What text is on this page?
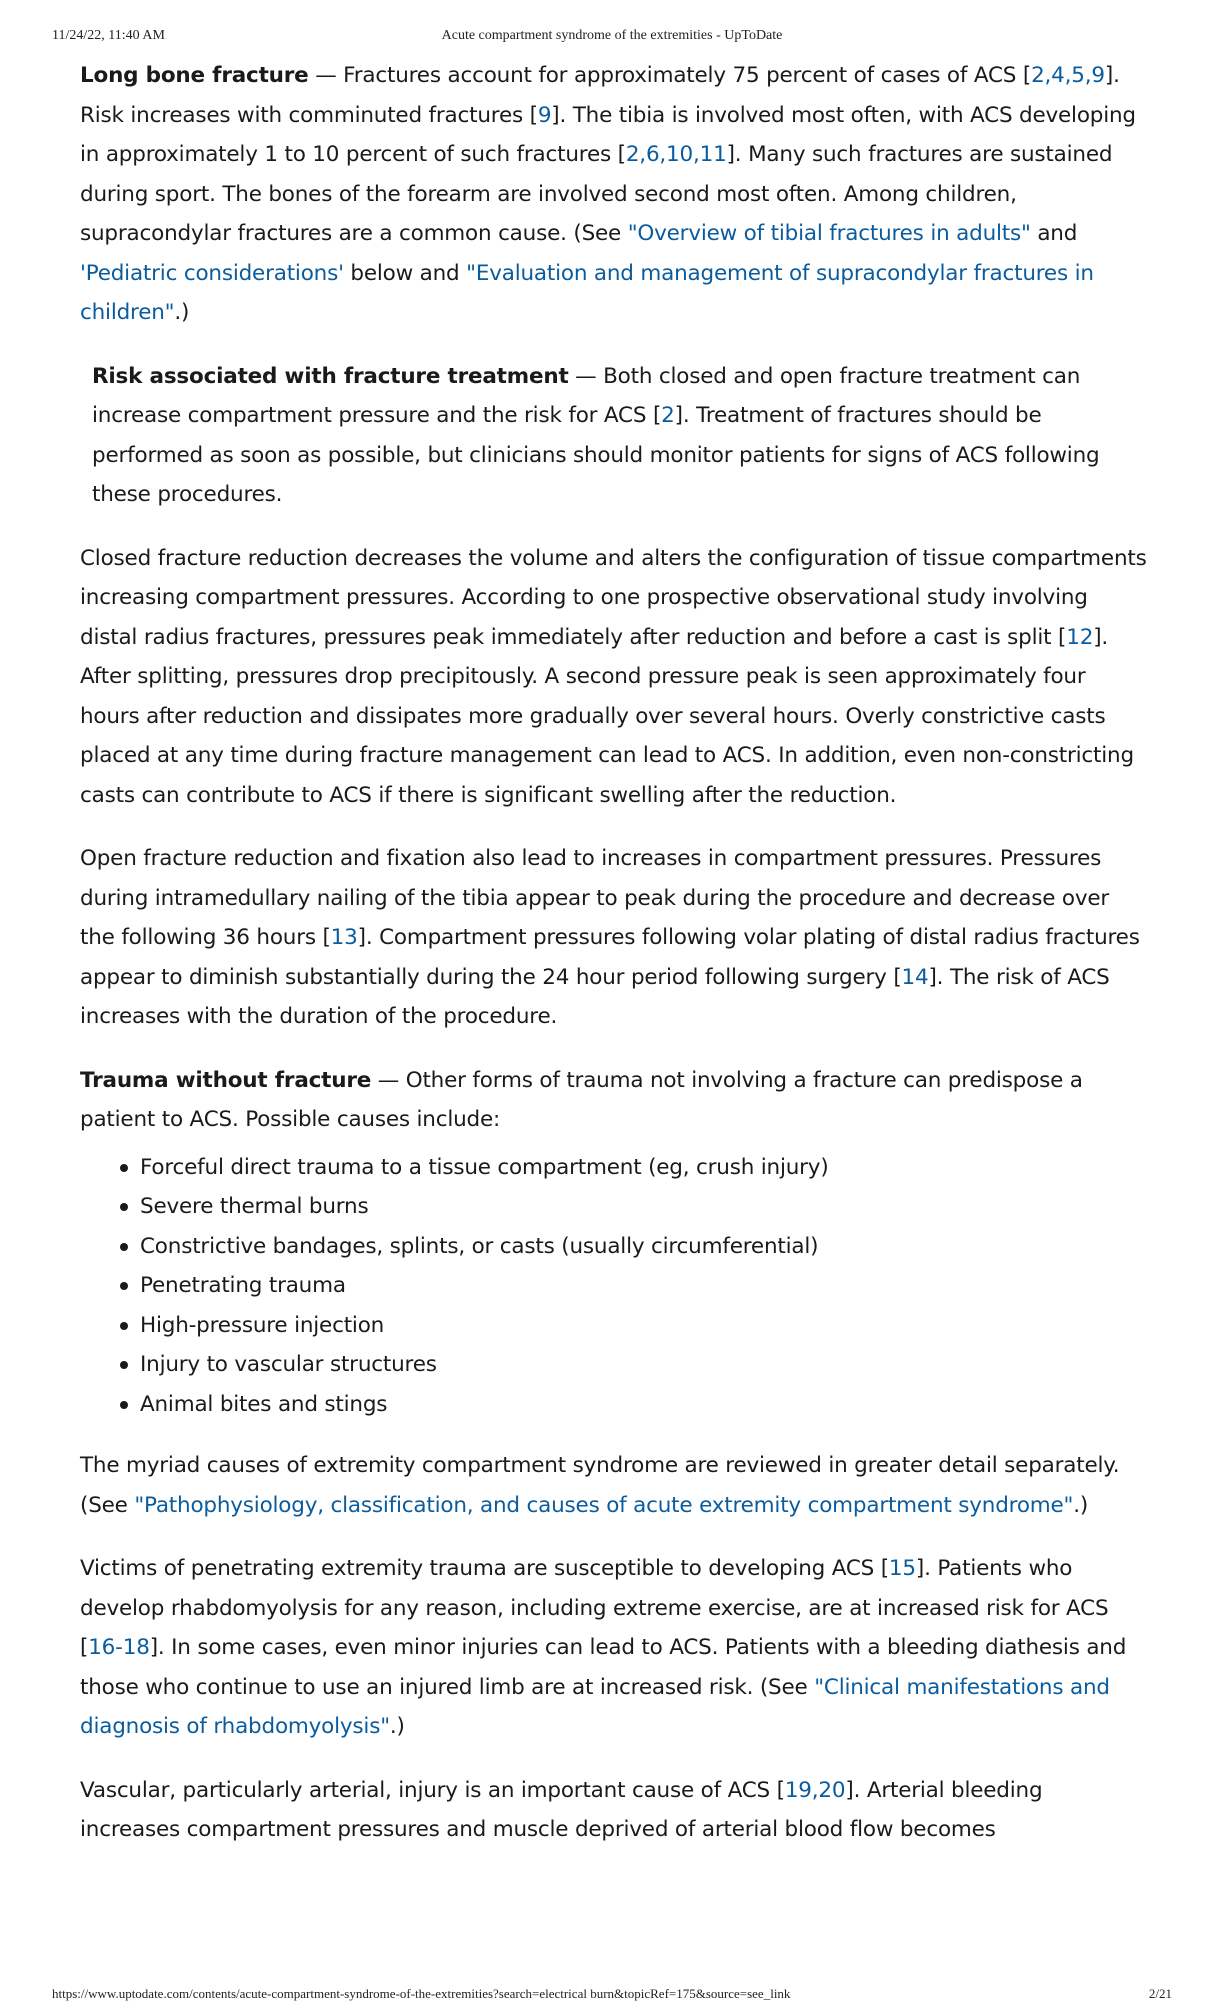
11/24/22, 11:40 AM	Acute compartment syndrome of the extremities - UpToDate

Long bone fracture — Fractures account for approximately 75 percent of cases of ACS [2,4,5,9]. Risk increases with comminuted fractures [9]. The tibia is involved most often, with ACS developing in approximately 1 to 10 percent of such fractures [2,6,10,11]. Many such fractures are sustained during sport. The bones of the forearm are involved second most often. Among children, supracondylar fractures are a common cause. (See "Overview of tibial fractures in adults" and 'Pediatric considerations' below and "Evaluation and management of supracondylar fractures in children".)

Risk associated with fracture treatment — Both closed and open fracture treatment can increase compartment pressure and the risk for ACS [2]. Treatment of fractures should be performed as soon as possible, but clinicians should monitor patients for signs of ACS following these procedures.

Closed fracture reduction decreases the volume and alters the configuration of tissue compartments increasing compartment pressures. According to one prospective observational study involving distal radius fractures, pressures peak immediately after reduction and before a cast is split [12]. After splitting, pressures drop precipitously. A second pressure peak is seen approximately four hours after reduction and dissipates more gradually over several hours. Overly constrictive casts placed at any time during fracture management can lead to ACS. In addition, even non-constricting casts can contribute to ACS if there is significant swelling after the reduction.

Open fracture reduction and fixation also lead to increases in compartment pressures. Pressures during intramedullary nailing of the tibia appear to peak during the procedure and decrease over the following 36 hours [13]. Compartment pressures following volar plating of distal radius fractures appear to diminish substantially during the 24 hour period following surgery [14]. The risk of ACS increases with the duration of the procedure.

Trauma without fracture — Other forms of trauma not involving a fracture can predispose a patient to ACS. Possible causes include:

Forceful direct trauma to a tissue compartment (eg, crush injury)
Severe thermal burns
Constrictive bandages, splints, or casts (usually circumferential)
Penetrating trauma
High-pressure injection
Injury to vascular structures
Animal bites and stings

The myriad causes of extremity compartment syndrome are reviewed in greater detail separately. (See "Pathophysiology, classification, and causes of acute extremity compartment syndrome".)

Victims of penetrating extremity trauma are susceptible to developing ACS [15]. Patients who develop rhabdomyolysis for any reason, including extreme exercise, are at increased risk for ACS [16-18]. In some cases, even minor injuries can lead to ACS. Patients with a bleeding diathesis and those who continue to use an injured limb are at increased risk. (See "Clinical manifestations and diagnosis of rhabdomyolysis".)

Vascular, particularly arterial, injury is an important cause of ACS [19,20]. Arterial bleeding increases compartment pressures and muscle deprived of arterial blood flow becomes

https://www.uptodate.com/contents/acute-compartment-syndrome-of-the-extremities?search=electrical burn&topicRef=175&source=see_link	2/21
